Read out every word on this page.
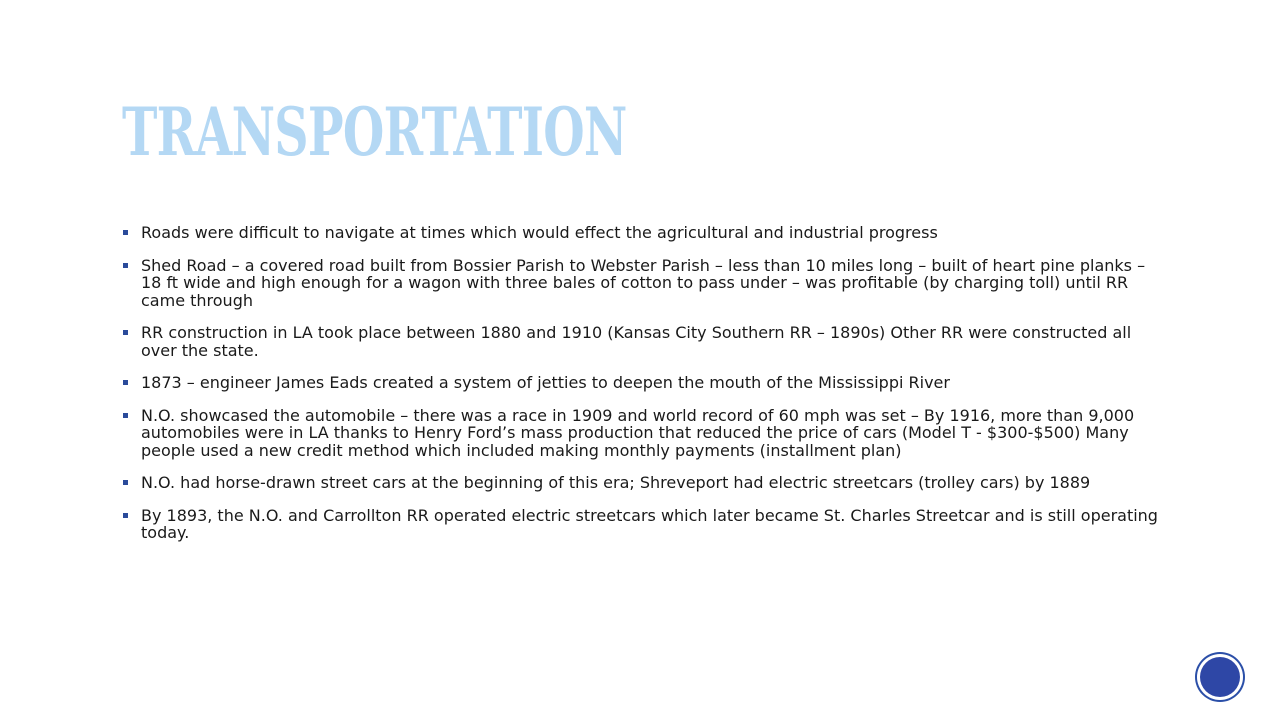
TRANSPORTATION
Roads were difficult to navigate at times which would effect the agricultural and industrial progress
Shed Road – a covered road built from Bossier Parish to Webster Parish – less than 10 miles long – built of heart pine planks – 18 ft wide and high enough for a wagon with three bales of cotton to pass under – was profitable (by charging toll) until RR came through
RR construction in LA took place between 1880 and 1910 (Kansas City Southern RR – 1890s) Other RR were constructed all over the state.
1873 – engineer James Eads created a system of jetties to deepen the mouth of the Mississippi River
N.O. showcased the automobile – there was a race in 1909 and world record of 60 mph was set – By 1916, more than 9,000 automobiles were in LA thanks to Henry Ford’s mass production that reduced the price of cars (Model T - $300-$500) Many people used a new credit method which included making monthly payments (installment plan)
N.O. had horse-drawn street cars at the beginning of this era; Shreveport had electric streetcars (trolley cars) by 1889
By 1893, the N.O. and Carrollton RR operated electric streetcars which later became St. Charles Streetcar and is still operating today.
